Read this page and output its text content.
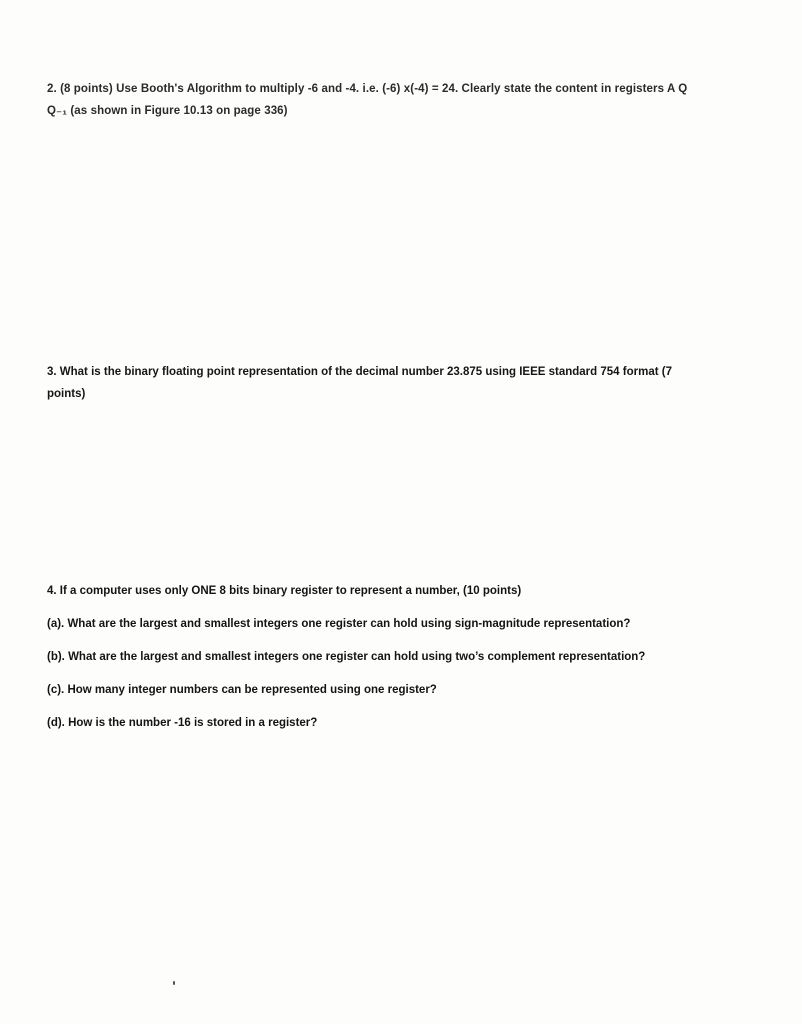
2. (8 points) Use Booth's Algorithm to multiply -6 and -4. i.e. (-6) x(-4) = 24. Clearly state the content in registers A Q
Q₋₁ (as shown in Figure 10.13 on page 336)
3. What is the binary floating point representation of the decimal number 23.875 using IEEE standard 754 format (7
points)
4. If a computer uses only ONE 8 bits binary register to represent a number, (10 points)
(a). What are the largest and smallest integers one register can hold using sign-magnitude representation?
(b). What are the largest and smallest integers one register can hold using two’s complement representation?
(c). How many integer numbers can be represented using one register?
(d). How is the number -16 is stored in a register?
